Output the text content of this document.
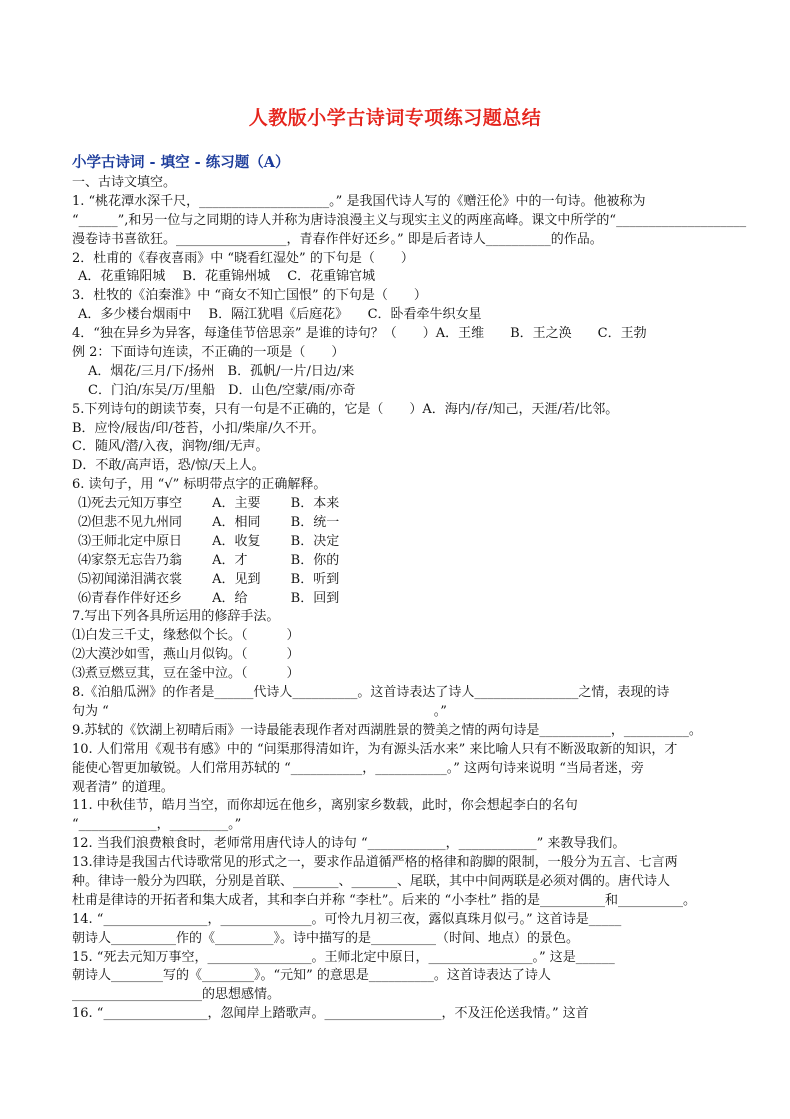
人教版小学古诗词专项练习题总结
小学古诗词 - 填空 - 练习题（A）
一、古诗文填空。
1. “桃花潭水深千尺，____________________。” 是我国代诗人写的《赠汪伦》中的一句诗。他被称为
“______”,和另一位与之同期的诗人并称为唐诗浪漫主义与现实主义的两座高峰。课文中所学的“____________________
漫卷诗书喜欲狂。_________________，青春作伴好还乡。” 即是后者诗人__________的作品。
2．杜甫的《春夜喜雨》中 “晓看红湿处” 的下句是（　　）
A．花重锦阳城　 B．花重锦州城　 C．花重锦官城
3．杜牧的《泊秦淮》中 “商女不知亡国恨” 的下句是（　　）
A．多少楼台烟雨中　 B．隔江犹唱《后庭花》　　C．卧看牵牛织女星
4．“独在异乡为异客，每逢佳节倍思亲” 是谁的诗句？（　　）A．王维　　B．王之涣　　C．王勃
例 2：下面诗句连读，不正确的一项是（　　）
A．烟花/三月/下/扬州　B．孤帆/一片/日边/来
C．门泊/东吴/万/里船　D．山色/空蒙/雨/亦奇
5.下列诗句的朗读节奏，只有一句是不正确的，它是（　　）A．海内/存/知己，天涯/若/比邻。
B．应怜/屐齿/印/苍苔，小扣/柴扉/久不开。
C．随风/潜/入夜，润物/细/无声。
D．不敢/高声语，恐/惊/天上人。
6. 读句子，用 “√” 标明带点字的正确解释。
⑴死去元知万事空　　 A．主要　　 B．本来
⑵但悲不见九州同　　 A．相同　　 B．统一
⑶王师北定中原日　　 A．收复　　 B．决定
⑷家祭无忘告乃翁　　 A．才　　　 B．你的
⑸初闻涕泪满衣裳　　 A．见到　　 B．听到
⑹青春作伴好还乡　　 A．给　　　 B．回到
7.写出下列各具所运用的修辞手法。
⑴白发三千丈，缘愁似个长。（　　　）
⑵大漠沙如雪，燕山月似钩。（　　　）
⑶煮豆燃豆萁，豆在釜中泣。（　　　）
8.《泊船瓜洲》的作者是______代诗人__________。这首诗表达了诗人________________之情，表现的诗
句为 “　　　　　　　　　　　　　　　　　　　　　　　　　。”
9.苏轼的《饮湖上初晴后雨》一诗最能表现作者对西湖胜景的赞美之情的两句诗是___________，__________。
10. 人们常用《观书有感》中的 “问渠那得清如许，为有源头活水来” 来比喻人只有不断汲取新的知识，才
能使心智更加敏锐。人们常用苏轼的 “___________，___________。” 这两句诗来说明 “当局者迷，旁
观者清” 的道理。
11. 中秋佳节，皓月当空，而你却远在他乡，离别家乡数载，此时，你会想起李白的名句
“____________，_________。”
12. 当我们浪费粮食时，老师常用唐代诗人的诗句 “____________，____________” 来教导我们。
13.律诗是我国古代诗歌常见的形式之一，要求作品道循严格的格律和韵脚的限制，一般分为五言、七言两
种。律诗一般分为四联，分别是首联、_______、_______、尾联，其中中间两联是必须对偶的。唐代诗人
杜甫是律诗的开拓者和集大成者，其和李白并称 “李杜”。后来的 “小李杜” 指的是__________和__________。
14. “________________，______________。可怜九月初三夜，露似真珠月似弓。” 这首诗是_____
朝诗人__________作的《_________》。诗中描写的是__________（时间、地点）的景色。
15. “死去元知万事空，________________。王师北定中原日，________________。” 这是______
朝诗人________写的《________》。“元知” 的意思是__________。这首诗表达了诗人
____________________的思想感情。
16. “________________，忽闻岸上踏歌声。__________________，不及汪伦送我情。” 这首
